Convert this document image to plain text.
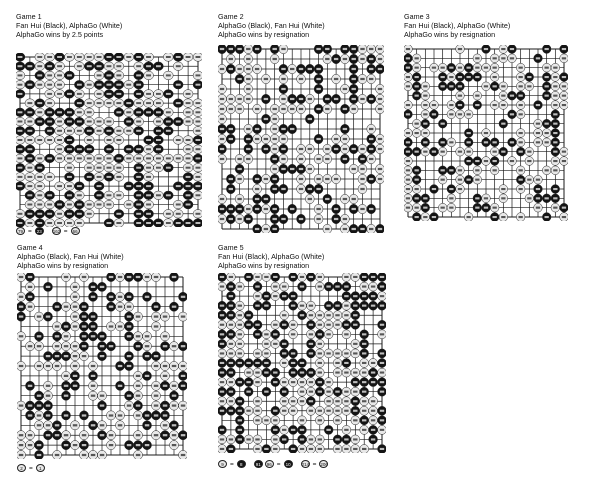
Game 1
Fan Hui (Black), AlphaGo (White)
AlphaGo wins by 2.5 points
79 =	23	162 =	66
Game 2
AlphaGo (Black), Fan Hui (White)
AlphaGo wins by resignation
Game 3
Fan Hui (Black), AlphaGo (White)
AlphaGo wins by resignation
Game 4
AlphaGo (Black), Fan Hui (White)
AlphaGo wins by resignation
2 =	1
Game 5
Fan Hui (Black), AlphaGo (White)
AlphaGo wins by resignation
9 =	8	91	96 =	10	214 = 206
